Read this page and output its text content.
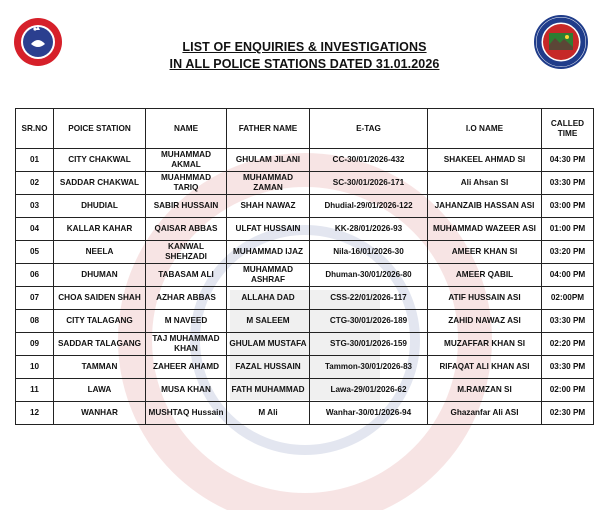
LIST OF ENQUIRIES & INVESTIGATIONS
IN ALL POLICE STATIONS DATED 31.01.2026
SR.NO	POICE STATION	NAME	FATHER NAME	E-TAG	I.O NAME	CALLED TIME
01	CITY CHAKWAL	MUHAMMAD AKMAL	GHULAM JILANI	CC-30/01/2026-432	SHAKEEL AHMAD SI	04:30 PM
02	SADDAR CHAKWAL	MUAHMMAD TARIQ	MUHAMMAD ZAMAN	SC-30/01/2026-171	Ali Ahsan SI	03:30 PM
03	DHUDIAL	SABIR HUSSAIN	SHAH NAWAZ	Dhudial-29/01/2026-122	JAHANZAIB HASSAN ASI	03:00 PM
04	KALLAR KAHAR	QAISAR ABBAS	ULFAT HUSSAIN	KK-28/01/2026-93	MUHAMMAD WAZEER ASI	01:00 PM
05	NEELA	KANWAL SHEHZADI	MUHAMMAD IJAZ	Nila-16/01/2026-30	AMEER KHAN SI	03:20 PM
06	DHUMAN	TABASAM ALI	MUHAMMAD ASHRAF	Dhuman-30/01/2026-80	AMEER QABIL	04:00 PM
07	CHOA SAIDEN SHAH	AZHAR ABBAS	ALLAHA DAD	CSS-22/01/2026-117	ATIF HUSSAIN ASI	02:00PM
08	CITY TALAGANG	M NAVEED	M SALEEM	CTG-30/01/2026-189	ZAHID NAWAZ ASI	03:30 PM
09	SADDAR TALAGANG	TAJ MUHAMMAD KHAN	GHULAM MUSTAFA	STG-30/01/2026-159	MUZAFFAR KHAN SI	02:20 PM
10	TAMMAN	ZAHEER AHAMD	FAZAL HUSSAIN	Tammon-30/01/2026-83	RIFAQAT ALI KHAN ASI	03:30 PM
11	LAWA	MUSA KHAN	FATH MUHAMMAD	Lawa-29/01/2026-62	M.RAMZAN SI	02:00 PM
12	WANHAR	MUSHTAQ Hussain	M Ali	Wanhar-30/01/2026-94	Ghazanfar Ali ASI	02:30 PM
